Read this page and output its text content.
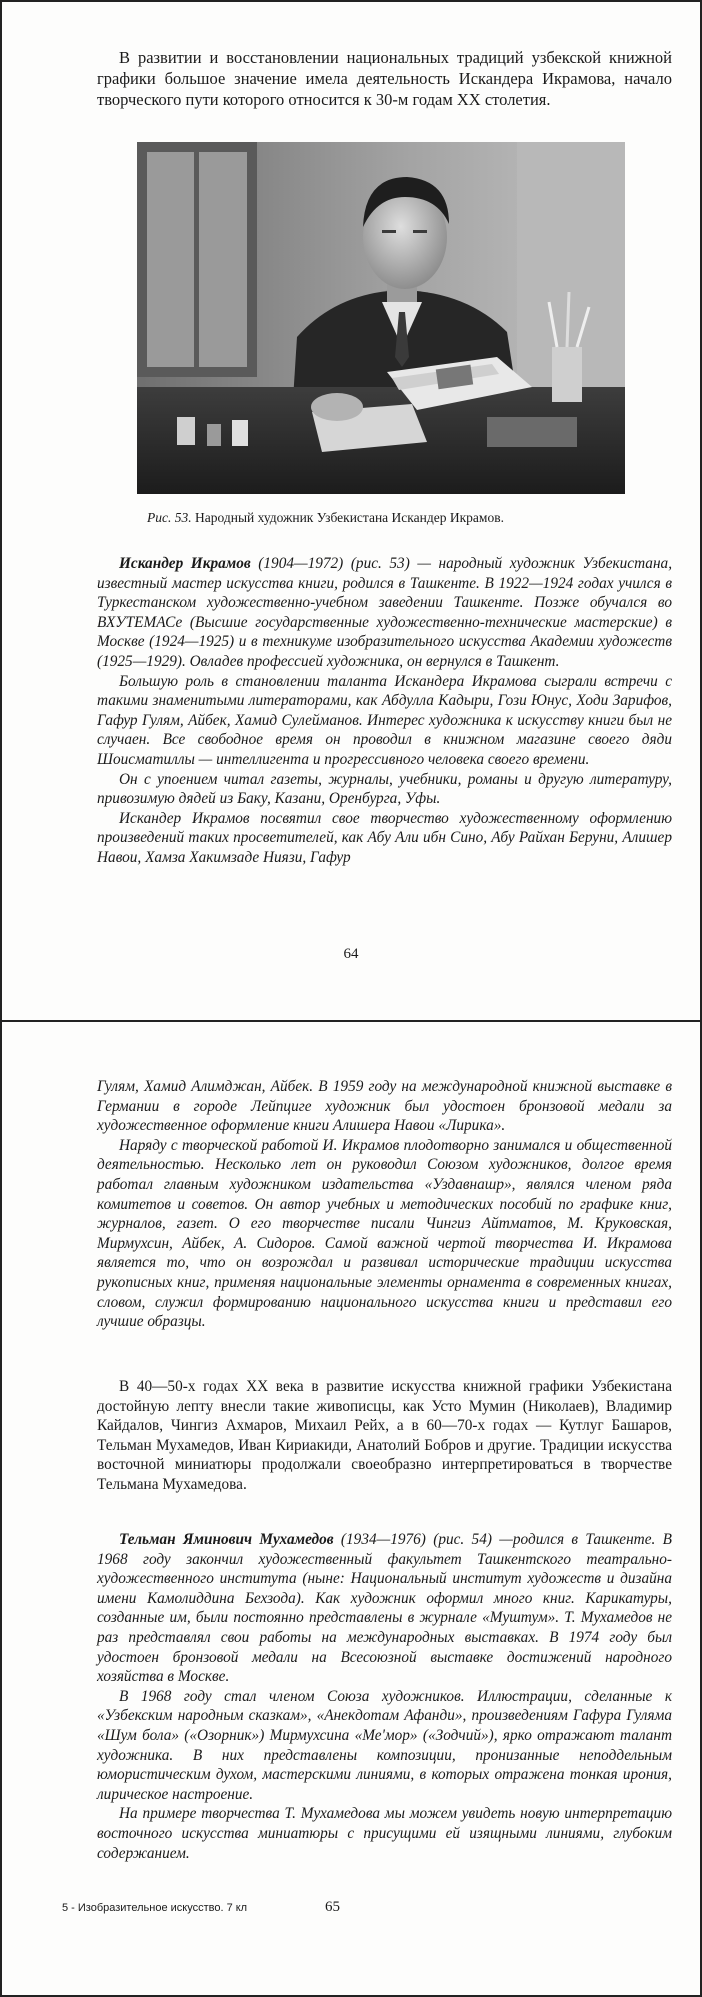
В развитии и восстановлении национальных традиций узбекской книжной графики большое значение имела деятельность Искандера Икрамова, начало творческого пути которого относится к 30-м годам XX столетия.

Рис. 53. Народный художник Узбекистана Искандер Икрамов.

Искандер Икрамов (1904—1972) (рис. 53) — народный художник Узбекистана, известный мастер искусства книги, родился в Ташкенте. В 1922—1924 годах учился в Туркестанском художественно-учебном заведении Ташкенте. Позже обучался во ВХУТЕМАСе (Высшие государственные художественно-технические мастерские) в Москве (1924—1925) и в техникуме изобразительного искусства Академии художеств (1925—1929). Овладев профессией художника, он вернулся в Ташкент.

Большую роль в становлении таланта Искандера Икрамова сыграли встречи с такими знаменитыми литераторами, как Абдулла Кадыри, Гози Юнус, Ходи Зарифов, Гафур Гулям, Айбек, Хамид Сулейманов. Интерес художника к искусству книги был не случаен. Все свободное время он проводил в книжном магазине своего дяди Шоисматиллы — интеллигента и прогрессивного человека своего времени.

Он с упоением читал газеты, журналы, учебники, романы и другую литературу, привозимую дядей из Баку, Казани, Оренбурга, Уфы.

Искандер Икрамов посвятил свое творчество художественному оформлению произведений таких просветителей, как Абу Али ибн Сино, Абу Райхан Беруни, Алишер Навои, Хамза Хакимзаде Ниязи, Гафур

64

Гулям, Хамид Алимджан, Айбек. В 1959 году на международной книжной выставке в Германии в городе Лейпциге художник был удостоен бронзовой медали за художественное оформление книги Алишера Навои «Лирика».

Наряду с творческой работой И. Икрамов плодотворно занимался и общественной деятельностью. Несколько лет он руководил Союзом художников, долгое время работал главным художником издательства «Уздавнашр», являлся членом ряда комитетов и советов. Он автор учебных и методических пособий по графике книг, журналов, газет. О его творчестве писали Чингиз Айтматов, М. Круковская, Мирмухсин, Айбек, А. Сидоров. Самой важной чертой творчества И. Икрамова является то, что он возрождал и развивал исторические традиции искусства рукописных книг, применяя национальные элементы орнамента в современных книгах, словом, служил формированию национального искусства книги и представил его лучшие образцы.

В 40—50-х годах XX века в развитие искусства книжной графики Узбекистана достойную лепту внесли такие живописцы, как Усто Мумин (Николаев), Владимир Кайдалов, Чингиз Ахмаров, Михаил Рейх, а в 60—70-х годах — Кутлуг Башаров, Тельман Мухамедов, Иван Кириакиди, Анатолий Бобров и другие. Традиции искусства восточной миниатюры продолжали своеобразно интерпретироваться в творчестве Тельмана Мухамедова.

Тельман Яминович Мухамедов (1934—1976) (рис. 54) —родился в Ташкенте. В 1968 году закончил художественный факультет Ташкентского театрально-художественного института (ныне: Национальный институт художеств и дизайна имени Камолиддина Бехзода). Как художник оформил много книг. Карикатуры, созданные им, были постоянно представлены в журнале «Муштум». Т. Мухамедов не раз представлял свои работы на международных выставках. В 1974 году был удостоен бронзовой медали на Всесоюзной выставке достижений народного хозяйства в Москве.

В 1968 году стал членом Союза художников. Иллюстрации, сделанные к «Узбекским народным сказкам», «Анекдотам Афанди», произведениям Гафура Гуляма «Шум бола» («Озорник») Мирмухсина «Ме'мор» («Зодчий»), ярко отражают талант художника. В них представлены композиции, пронизанные неподдельным юмористическим духом, мастерскими линиями, в которых отражена тонкая ирония, лирическое настроение.

На примере творчества Т. Мухамедова мы можем увидеть новую интерпретацию восточного искусства миниатюры с присущими ей изящными линиями, глубоким содержанием.

5 - Изобразительное искусство. 7 кл	65
